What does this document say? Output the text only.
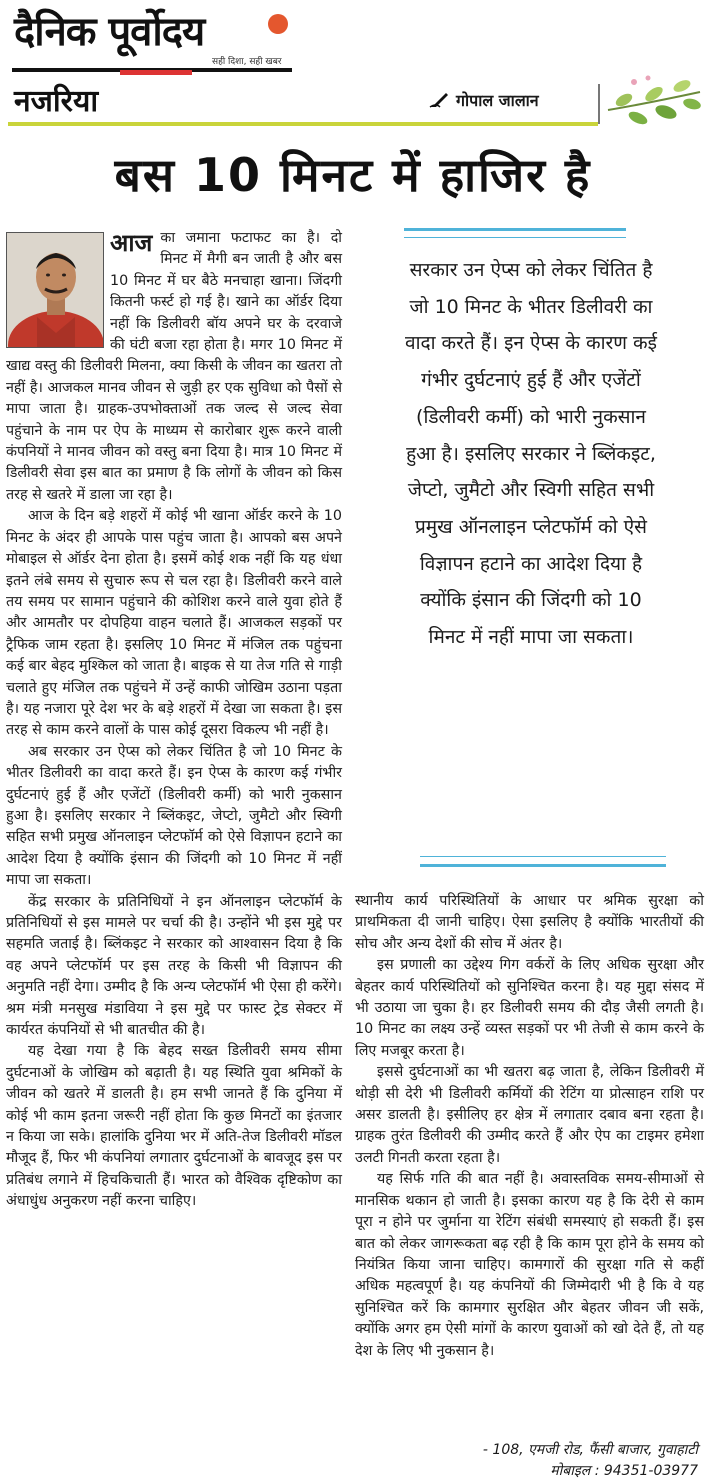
दैनिक पूर्वोदय
सही दिशा, सही खबर
नजरिया	गोपाल जालान
बस 10 मिनट में हाजिर है

आज का जमाना फटाफट का है। दो मिनट में मैगी बन जाती है और बस 10 मिनट में घर बैठे मनचाहा खाना। जिंदगी कितनी फर्स्ट हो गई है। खाने का ऑर्डर दिया नहीं कि डिलीवरी बॉय अपने घर के दरवाजे की घंटी बजा रहा होता है। मगर 10 मिनट में खाद्य वस्तु की डिलीवरी मिलना, क्या किसी के जीवन का खतरा तो नहीं है। आजकल मानव जीवन से जुड़ी हर एक सुविधा को पैसों से मापा जाता है। ग्राहक-उपभोक्ताओं तक जल्द से जल्द सेवा पहुंचाने के नाम पर ऐप के माध्यम से कारोबार शुरू करने वाली कंपनियों ने मानव जीवन को वस्तु बना दिया है। मात्र 10 मिनट में डिलीवरी सेवा इस बात का प्रमाण है कि लोगों के जीवन को किस तरह से खतरे में डाला जा रहा है।

आज के दिन बड़े शहरों में कोई भी खाना ऑर्डर करने के 10 मिनट के अंदर ही आपके पास पहुंच जाता है। आपको बस अपने मोबाइल से ऑर्डर देना होता है। इसमें कोई शक नहीं कि यह धंधा इतने लंबे समय से सुचारु रूप से चल रहा है। डिलीवरी करने वाले तय समय पर सामान पहुंचाने की कोशिश करने वाले युवा होते हैं और आमतौर पर दोपहिया वाहन चलाते हैं। आजकल सड़कों पर ट्रैफिक जाम रहता है। इसलिए 10 मिनट में मंजिल तक पहुंचना कई बार बेहद मुश्किल को जाता है। बाइक से या तेज गति से गाड़ी चलाते हुए मंजिल तक पहुंचने में उन्हें काफी जोखिम उठाना पड़ता है। यह नजारा पूरे देश भर के बड़े शहरों में देखा जा सकता है। इस तरह से काम करने वालों के पास कोई दूसरा विकल्प भी नहीं है।

अब सरकार उन ऐप्स को लेकर चिंतित है जो 10 मिनट के भीतर डिलीवरी का वादा करते हैं। इन ऐप्स के कारण कई गंभीर दुर्घटनाएं हुई हैं और एजेंटों (डिलीवरी कर्मी) को भारी नुकसान हुआ है। इसलिए सरकार ने ब्लिंकइट, जेप्टो, जुमैटो और स्विगी सहित सभी प्रमुख ऑनलाइन प्लेटफॉर्म को ऐसे विज्ञापन हटाने का आदेश दिया है क्योंकि इंसान की जिंदगी को 10 मिनट में नहीं मापा जा सकता।

केंद्र सरकार के प्रतिनिधियों ने इन ऑनलाइन प्लेटफॉर्म के प्रतिनिधियों से इस मामले पर चर्चा की है। उन्होंने भी इस मुद्दे पर सहमति जताई है। ब्लिंकइट ने सरकार को आश्वासन दिया है कि वह अपने प्लेटफॉर्म पर इस तरह के किसी भी विज्ञापन की अनुमति नहीं देगा। उम्मीद है कि अन्य प्लेटफॉर्म भी ऐसा ही करेंगे। श्रम मंत्री मनसुख मंडाविया ने इस मुद्दे पर फास्ट ट्रेड सेक्टर में कार्यरत कंपनियों से भी बातचीत की है।

यह देखा गया है कि बेहद सख्त डिलीवरी समय सीमा दुर्घटनाओं के जोखिम को बढ़ाती है। यह स्थिति युवा श्रमिकों के जीवन को खतरे में डालती है। हम सभी जानते हैं कि दुनिया में कोई भी काम इतना जरूरी नहीं होता कि कुछ मिनटों का इंतजार न किया जा सके। हालांकि दुनिया भर में अति-तेज डिलीवरी मॉडल मौजूद हैं, फिर भी कंपनियां लगातार दुर्घटनाओं के बावजूद इस पर प्रतिबंध लगाने में हिचकिचाती हैं। भारत को वैश्विक दृष्टिकोण का अंधाधुंध अनुकरण नहीं करना चाहिए।

सरकार उन ऐप्स को लेकर चिंतित है जो 10 मिनट के भीतर डिलीवरी का वादा करते हैं। इन ऐप्स के कारण कई गंभीर दुर्घटनाएं हुई हैं और एजेंटों (डिलीवरी कर्मी) को भारी नुकसान हुआ है। इसलिए सरकार ने ब्लिंकइट, जेप्टो, जुमैटो और स्विगी सहित सभी प्रमुख ऑनलाइन प्लेटफॉर्म को ऐसे विज्ञापन हटाने का आदेश दिया है क्योंकि इंसान की जिंदगी को 10 मिनट में नहीं मापा जा सकता।

स्थानीय कार्य परिस्थितियों के आधार पर श्रमिक सुरक्षा को प्राथमिकता दी जानी चाहिए। ऐसा इसलिए है क्योंकि भारतीयों की सोच और अन्य देशों की सोच में अंतर है।

इस प्रणाली का उद्देश्य गिग वर्करों के लिए अधिक सुरक्षा और बेहतर कार्य परिस्थितियों को सुनिश्चित करना है। यह मुद्दा संसद में भी उठाया जा चुका है। हर डिलीवरी समय की दौड़ जैसी लगती है। 10 मिनट का लक्ष्य उन्हें व्यस्त सड़कों पर भी तेजी से काम करने के लिए मजबूर करता है।

इससे दुर्घटनाओं का भी खतरा बढ़ जाता है, लेकिन डिलीवरी में थोड़ी सी देरी भी डिलीवरी कर्मियों की रेटिंग या प्रोत्साहन राशि पर असर डालती है। इसीलिए हर क्षेत्र में लगातार दबाव बना रहता है। ग्राहक तुरंत डिलीवरी की उम्मीद करते हैं और ऐप का टाइमर हमेशा उलटी गिनती करता रहता है।

यह सिर्फ गति की बात नहीं है। अवास्तविक समय-सीमाओं से मानसिक थकान हो जाती है। इसका कारण यह है कि देरी से काम पूरा न होने पर जुर्माना या रेटिंग संबंधी समस्याएं हो सकती हैं। इस बात को लेकर जागरूकता बढ़ रही है कि काम पूरा होने के समय को नियंत्रित किया जाना चाहिए। कामगारों की सुरक्षा गति से कहीं अधिक महत्वपूर्ण है। यह कंपनियों की जिम्मेदारी भी है कि वे यह सुनिश्चित करें कि कामगार सुरक्षित और बेहतर जीवन जी सकें, क्योंकि अगर हम ऐसी मांगों के कारण युवाओं को खो देते हैं, तो यह देश के लिए भी नुकसान है।

- 108, एमजी रोड, फैंसी बाजार, गुवाहाटी
मोबाइल : 94351-03977
